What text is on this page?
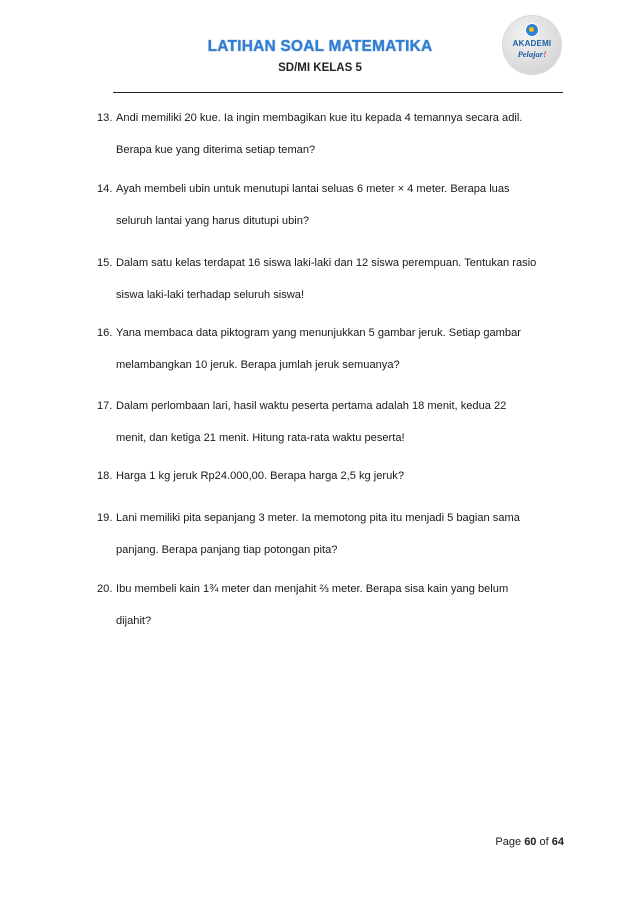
LATIHAN SOAL MATEMATIKA
SD/MI KELAS 5
AKADEMI
Pelajar!
13. Andi memiliki 20 kue. Ia ingin membagikan kue itu kepada 4 temannya secara adil.
Berapa kue yang diterima setiap teman?
14. Ayah membeli ubin untuk menutupi lantai seluas 6 meter × 4 meter. Berapa luas
seluruh lantai yang harus ditutupi ubin?
15. Dalam satu kelas terdapat 16 siswa laki-laki dan 12 siswa perempuan. Tentukan rasio
siswa laki-laki terhadap seluruh siswa!
16. Yana membaca data piktogram yang menunjukkan 5 gambar jeruk. Setiap gambar
melambangkan 10 jeruk. Berapa jumlah jeruk semuanya?
17. Dalam perlombaan lari, hasil waktu peserta pertama adalah 18 menit, kedua 22
menit, dan ketiga 21 menit. Hitung rata-rata waktu peserta!
18. Harga 1 kg jeruk Rp24.000,00. Berapa harga 2,5 kg jeruk?
19. Lani memiliki pita sepanjang 3 meter. Ia memotong pita itu menjadi 5 bagian sama
panjang. Berapa panjang tiap potongan pita?
20. Ibu membeli kain 1¾ meter dan menjahit ⅔ meter. Berapa sisa kain yang belum
dijahit?
Page 60 of 64
